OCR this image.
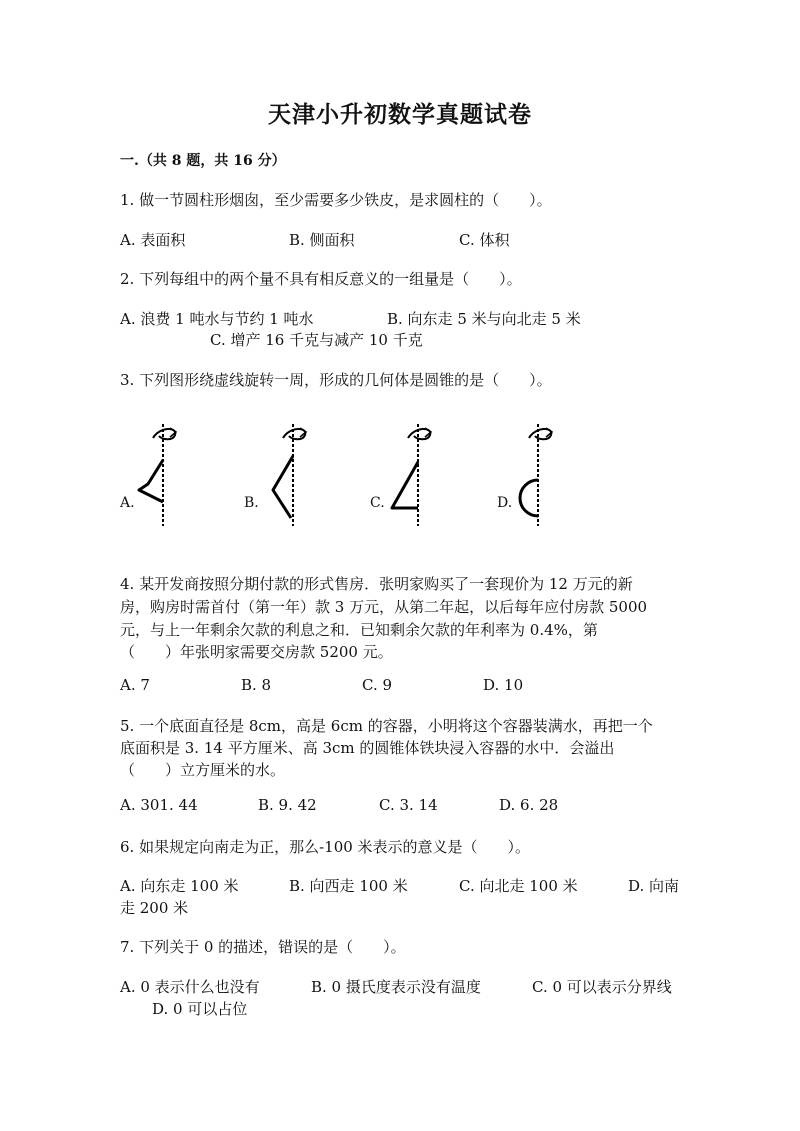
天津小升初数学真题试卷
一.（共 8 题，共 16 分）
1. 做一节圆柱形烟囱，至少需要多少铁皮，是求圆柱的（　　）。
A. 表面积	B. 侧面积	C. 体积
2. 下列每组中的两个量不具有相反意义的一组量是（　　）。
A. 浪费 1 吨水与节约 1 吨水	B. 向东走 5 米与向北走 5 米
C. 增产 16 千克与减产 10 千克
3. 下列图形绕虚线旋转一周，形成的几何体是圆锥的是（　　）。
A.	B.	C.	D.
4. 某开发商按照分期付款的形式售房．张明家购买了一套现价为 12 万元的新
房，购房时需首付（第一年）款 3 万元，从第二年起，以后每年应付房款 5000
元，与上一年剩余欠款的利息之和．已知剩余欠款的年利率为 0.4%，第
（　　）年张明家需要交房款 5200 元。
A. 7	B. 8	C. 9	D. 10
5. 一个底面直径是 8cm，高是 6cm 的容器，小明将这个容器装满水，再把一个
底面积是 3. 14 平方厘米、高 3cm 的圆锥体铁块浸入容器的水中．会溢出
（　　）立方厘米的水。
A. 301. 44	B. 9. 42	C. 3. 14	D. 6. 28
6. 如果规定向南走为正，那么-100 米表示的意义是（　　）。
A. 向东走 100 米	B. 向西走 100 米	C. 向北走 100 米	D. 向南
走 200 米
7. 下列关于 0 的描述，错误的是（　　）。
A. 0 表示什么也没有	B. 0 摄氏度表示没有温度	C. 0 可以表示分界线
D. 0 可以占位
